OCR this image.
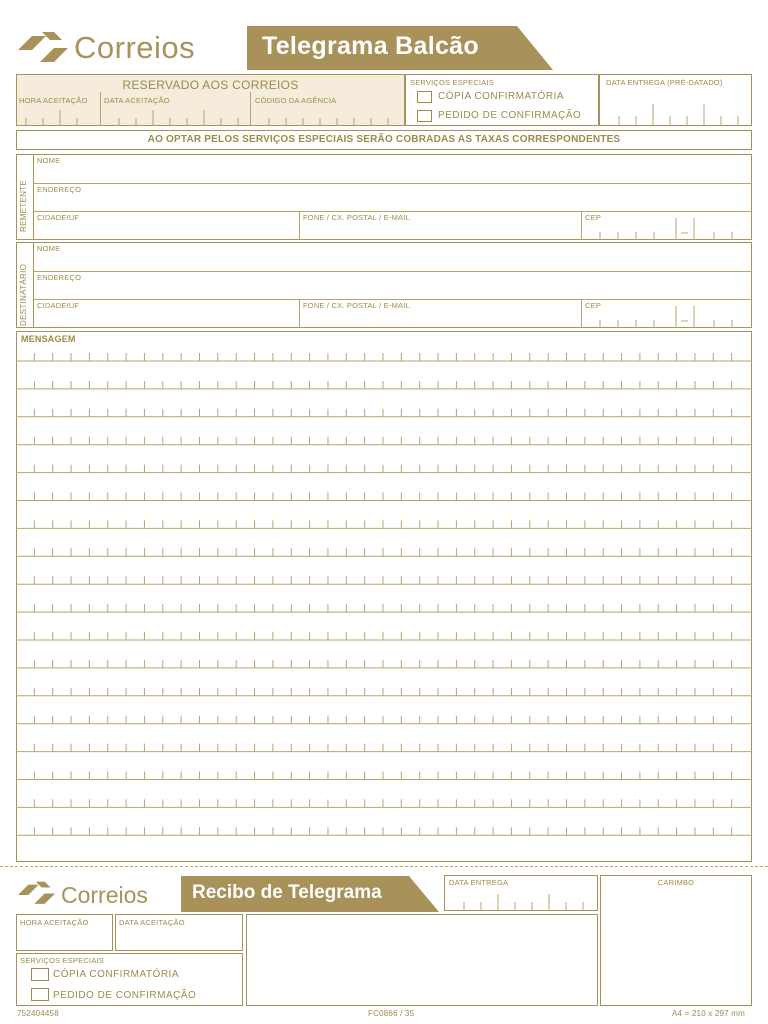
Correios	Telegrama Balcão
RESERVADO AOS CORREIOS
HORA ACEITAÇÃO DATA ACEITAÇÃO	CÓDIGO DA AGÊNCIA
SERVIÇOS ESPECIAIS
CÓPIA CONFIRMATÓRIA
PEDIDO DE CONFIRMAÇÃO
DATA ENTREGA (PRÉ-DATADO)
AO OPTAR PELOS SERVIÇOS ESPECIAIS SERÃO COBRADAS AS TAXAS CORRESPONDENTES
REMETENTE
NOME
ENDEREÇO
CIDADE/UF	FONE / CX. POSTAL / E-MAIL	CEP
DESTINATÁRIO
NOME
ENDEREÇO
CIDADE/UF	FONE / CX. POSTAL / E-MAIL	CEP
MENSAGEM
Correios Recibo de Telegrama	DATA ENTREGA	CARIMBO
HORA ACEITAÇÃO	DATA ACEITAÇÃO
SERVIÇOS ESPECIAIS
CÓPIA CONFIRMATÓRIA
PEDIDO DE CONFIRMAÇÃO
752404458	FC0866 / 35	A4 = 210 x 297 mm
